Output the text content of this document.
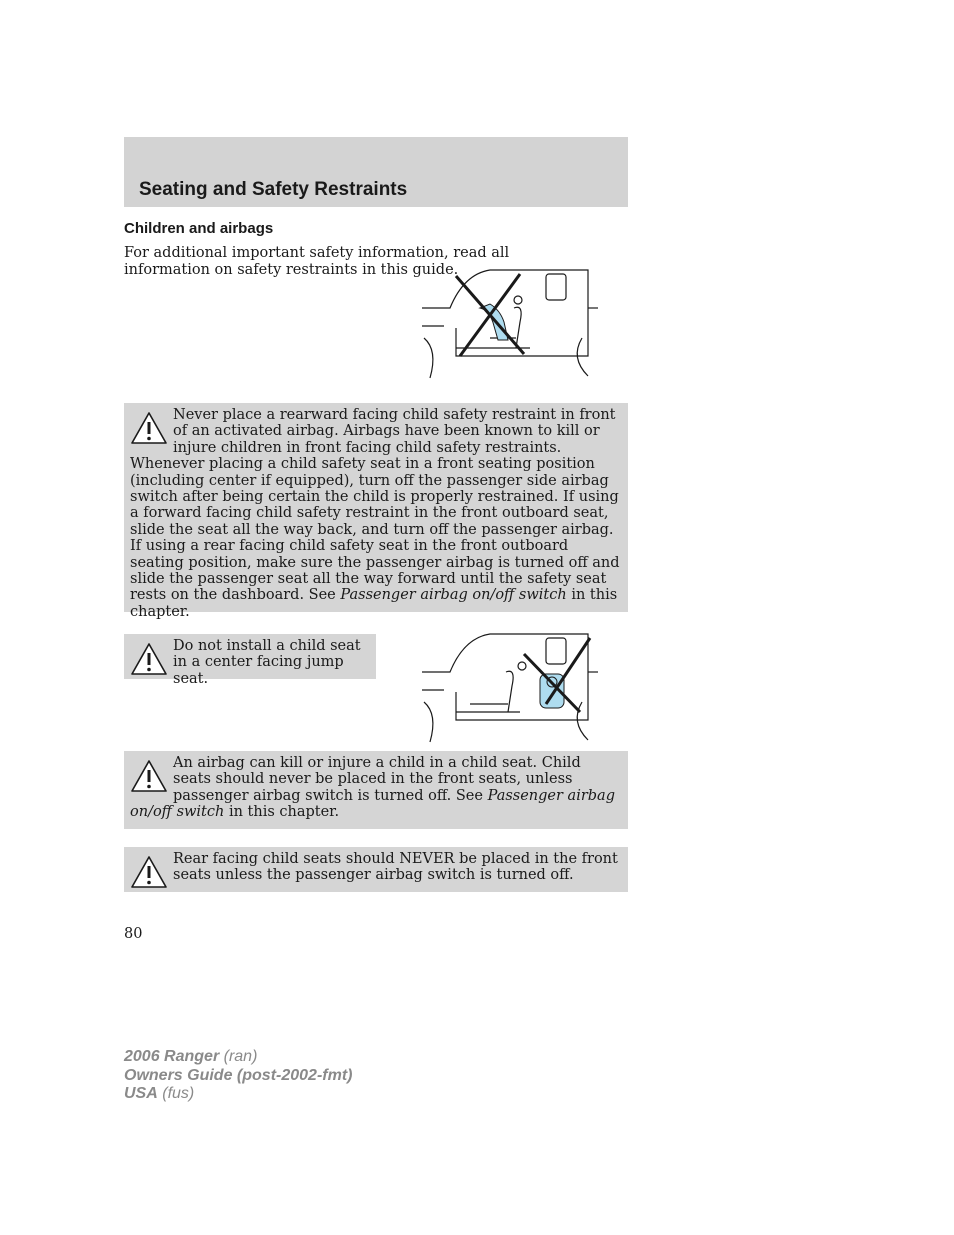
Seating and Safety Restraints
Children and airbags

For additional important safety information, read all information on safety restraints in this guide.

Never place a rearward facing child safety restraint in front of an activated airbag. Airbags have been known to kill or injure children in front facing child safety restraints. Whenever placing a child safety seat in a front seating position (including center if equipped), turn off the passenger side airbag switch after being certain the child is properly restrained. If using a forward facing child safety restraint in the front outboard seat, slide the seat all the way back, and turn off the passenger airbag. If using a rear facing child safety seat in the front outboard seating position, make sure the passenger airbag is turned off and slide the passenger seat all the way forward until the safety seat rests on the dashboard. See Passenger airbag on/off switch in this chapter.

Do not install a child seat in a center facing jump seat.

An airbag can kill or injure a child in a child seat. Child seats should never be placed in the front seats, unless passenger airbag switch is turned off. See Passenger airbag on/off switch in this chapter.

Rear facing child seats should NEVER be placed in the front seats unless the passenger airbag switch is turned off.

80

2006 Ranger (ran)
Owners Guide (post-2002-fmt)
USA (fus)
